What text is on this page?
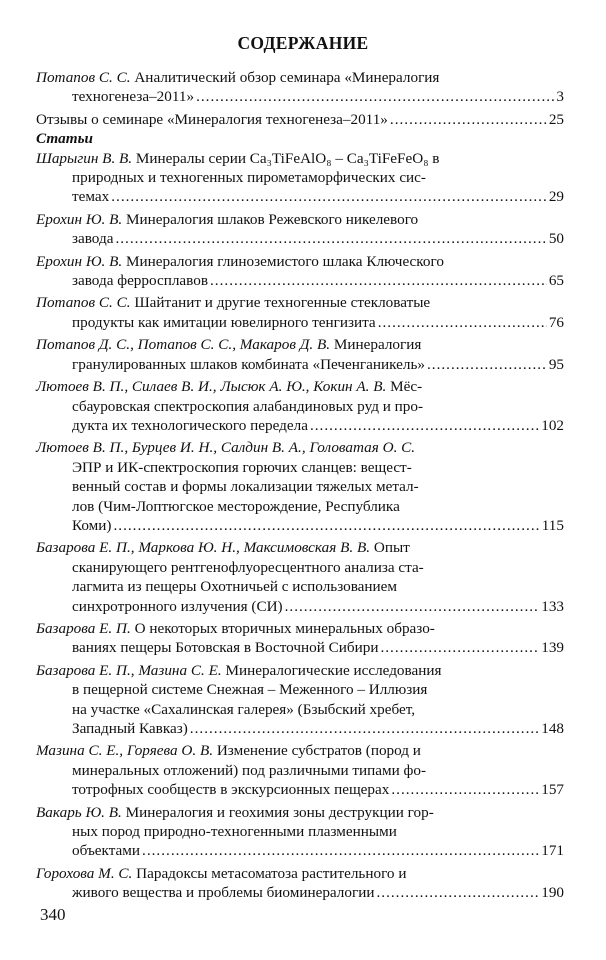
СОДЕРЖАНИЕ
Потапов С. С. Аналитический обзор семинара «Минералогия
техногенеза–2011» .....	3
Отзывы о семинаре «Минералогия техногенеза–2011» .....	25
Статьи
Шарыгин В. В. Минералы серии Ca₃TiFeAlO₈ – Ca₃TiFeFeO₈ в
природных и техногенных пирометаморфических сис-
темах .....	29
Ерохин Ю. В. Минералогия шлаков Режевского никелевого
завода .....	50
Ерохин Ю. В. Минералогия глиноземистого шлака Ключеского
завода ферросплавов .....	65
Потапов С. С. Шайтанит и другие техногенные стекловатые
продукты как имитации ювелирного тенгизита .....	76
Потапов Д. С., Потапов С. С., Макаров Д. В. Минералогия
гранулированных шлаков комбината «Печенганикель» .....	95
Лютоев В. П., Силаев В. И., Лысюк А. Ю., Кокин А. В. Мёс-
сбауровская спектроскопия алабандиновых руд и про-
дукта их технологического передела .....	102
Лютоев В. П., Бурцев И. Н., Салдин В. А., Головатая О. С.
ЭПР и ИК-спектроскопия горючих сланцев: вещест-
венный состав и формы локализации тяжелых метал-
лов (Чим-Лоптюгское месторождение, Республика
Коми) .....	115
Базарова Е. П., Маркова Ю. Н., Максимовская В. В. Опыт
сканирующего рентгенофлуоресцентного анализа ста-
лагмита из пещеры Охотничьей с использованием
синхротронного излучения (СИ) .....	133
Базарова Е. П. О некоторых вторичных минеральных образо-
ваниях пещеры Ботовская в Восточной Сибири .....	139
Базарова Е. П., Мазина С. Е. Минералогические исследования
в пещерной системе Снежная – Меженного – Иллюзия
на участке «Сахалинская галерея» (Бзыбский хребет,
Западный Кавказ) .....	148
Мазина С. Е., Горяева О. В. Изменение субстратов (пород и
минеральных отложений) под различными типами фо-
тотрофных сообществ в экскурсионных пещерах .....	157
Вакарь Ю. В. Минералогия и геохимия зоны деструкции гор-
ных пород природно-техногенными плазменными
объектами .....	171
Горохова М. С. Парадоксы метасоматоза растительного и
живого вещества и проблемы биоминералогии .....	190
340
